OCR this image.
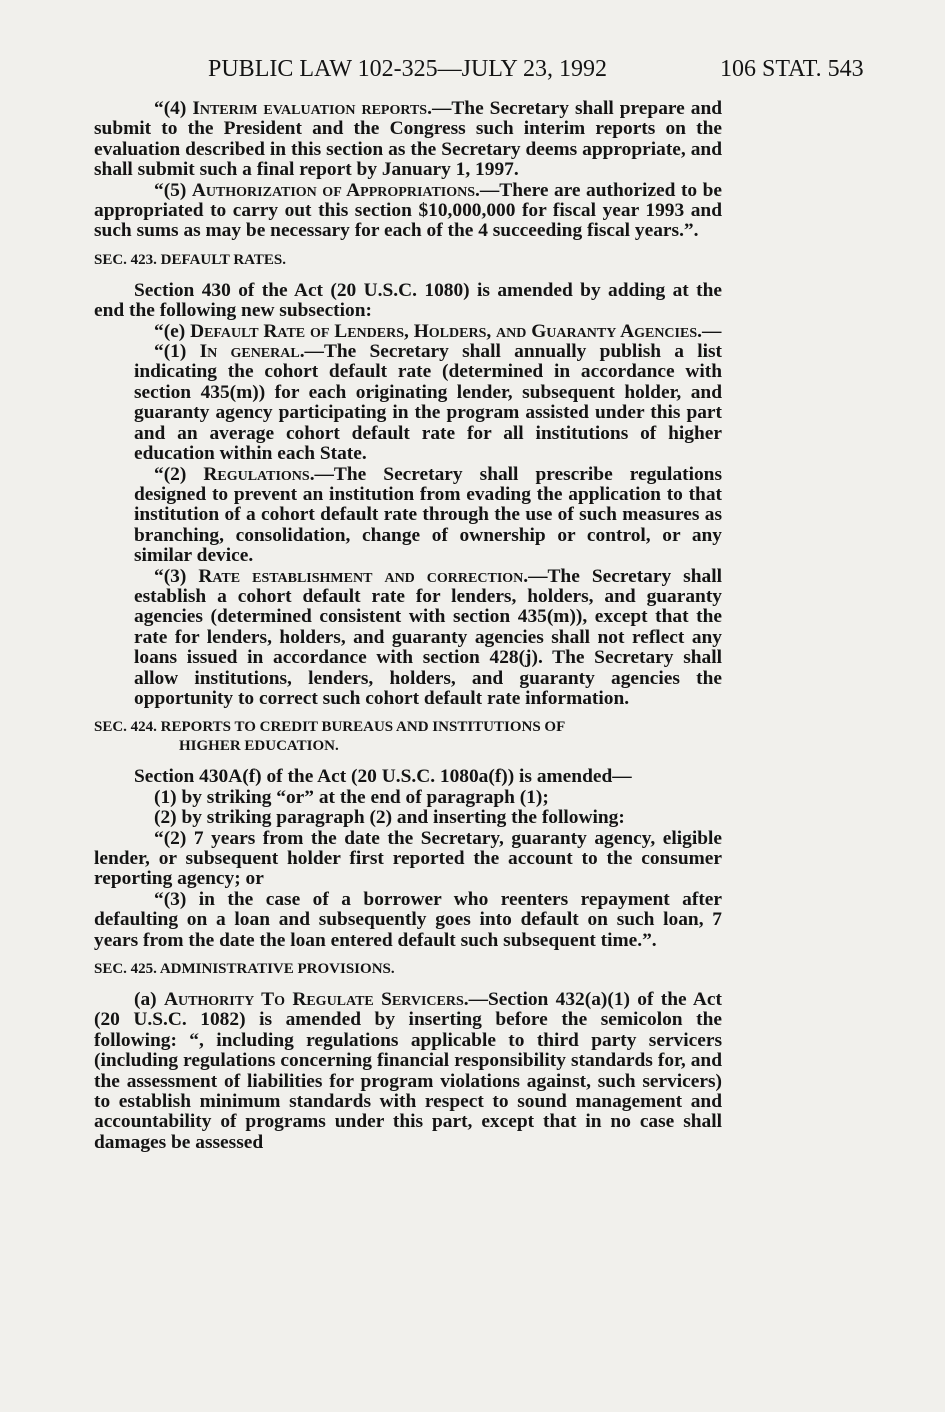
PUBLIC LAW 102-325—JULY 23, 1992	106 STAT. 543

“(4) Interim evaluation reports.—The Secretary shall prepare and submit to the President and the Congress such interim reports on the evaluation described in this section as the Secretary deems appropriate, and shall submit such a final report by January 1, 1997.

“(5) Authorization of Appropriations.—There are authorized to be appropriated to carry out this section $10,000,000 for fiscal year 1993 and such sums as may be necessary for each of the 4 succeeding fiscal years.”.

SEC. 423. DEFAULT RATES.

Section 430 of the Act (20 U.S.C. 1080) is amended by adding at the end the following new subsection:

“(e) Default Rate of Lenders, Holders, and Guaranty Agencies.—

“(1) In general.—The Secretary shall annually publish a list indicating the cohort default rate (determined in accordance with section 435(m)) for each originating lender, subsequent holder, and guaranty agency participating in the program assisted under this part and an average cohort default rate for all institutions of higher education within each State.

“(2) Regulations.—The Secretary shall prescribe regulations designed to prevent an institution from evading the application to that institution of a cohort default rate through the use of such measures as branching, consolidation, change of ownership or control, or any similar device.

“(3) Rate establishment and correction.—The Secretary shall establish a cohort default rate for lenders, holders, and guaranty agencies (determined consistent with section 435(m)), except that the rate for lenders, holders, and guaranty agencies shall not reflect any loans issued in accordance with section 428(j). The Secretary shall allow institutions, lenders, holders, and guaranty agencies the opportunity to correct such cohort default rate information.

SEC. 424. REPORTS TO CREDIT BUREAUS AND INSTITUTIONS OF
HIGHER EDUCATION.

Section 430A(f) of the Act (20 U.S.C. 1080a(f)) is amended—

(1) by striking “or” at the end of paragraph (1);

(2) by striking paragraph (2) and inserting the following:

“(2) 7 years from the date the Secretary, guaranty agency, eligible lender, or subsequent holder first reported the account to the consumer reporting agency; or

“(3) in the case of a borrower who reenters repayment after defaulting on a loan and subsequently goes into default on such loan, 7 years from the date the loan entered default such subsequent time.”.

SEC. 425. ADMINISTRATIVE PROVISIONS.

(a) Authority To Regulate Servicers.—Section 432(a)(1) of the Act (20 U.S.C. 1082) is amended by inserting before the semicolon the following: “, including regulations applicable to third party servicers (including regulations concerning financial responsibility standards for, and the assessment of liabilities for program violations against, such servicers) to establish minimum standards with respect to sound management and accountability of programs under this part, except that in no case shall damages be assessed
